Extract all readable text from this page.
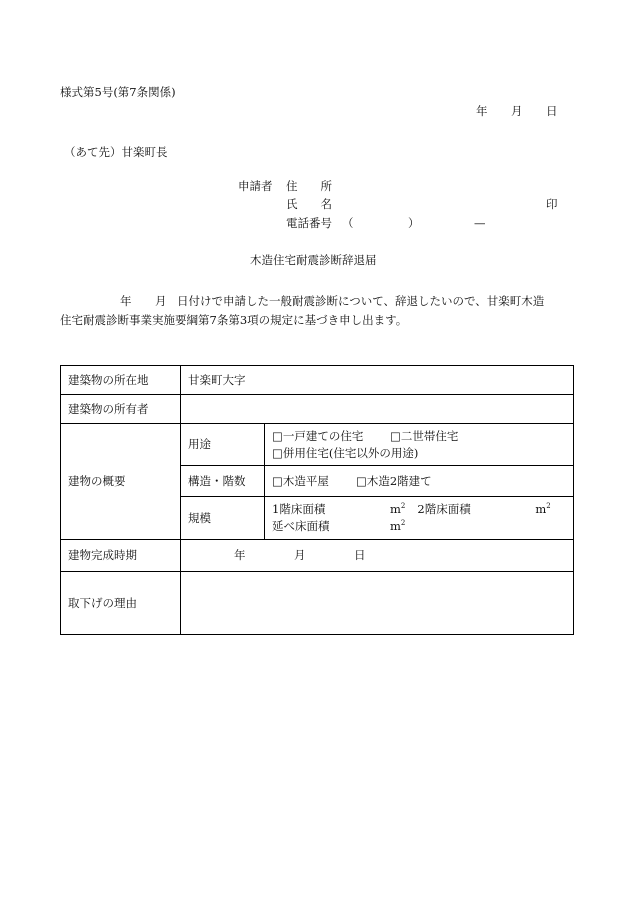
様式第5号(第7条関係)
年 月 日
（あて先）甘楽町長
申請者 住　　所
氏　　名	印
電話番号 （	）	—
木造住宅耐震診断辞退届
年 月 日付けで申請した一般耐震診断について、辞退したいので、甘楽町木造
住宅耐震診断事業実施要綱第7条第3項の規定に基づき申し出ます。
建築物の所在地	甘楽町大字	
建築物の所有者		
建物の概要	用途	□一戸建ての住宅 □二世帯住宅
□併用住宅(住宅以外の用途)
	構造・階数	□木造平屋 □木造2階建て
	規模	1階床面積 $m^2$ 2階床面積 $m^2$
延べ床面積 $m^2$
建物完成時期	年 月 日	
取下げの理由		
